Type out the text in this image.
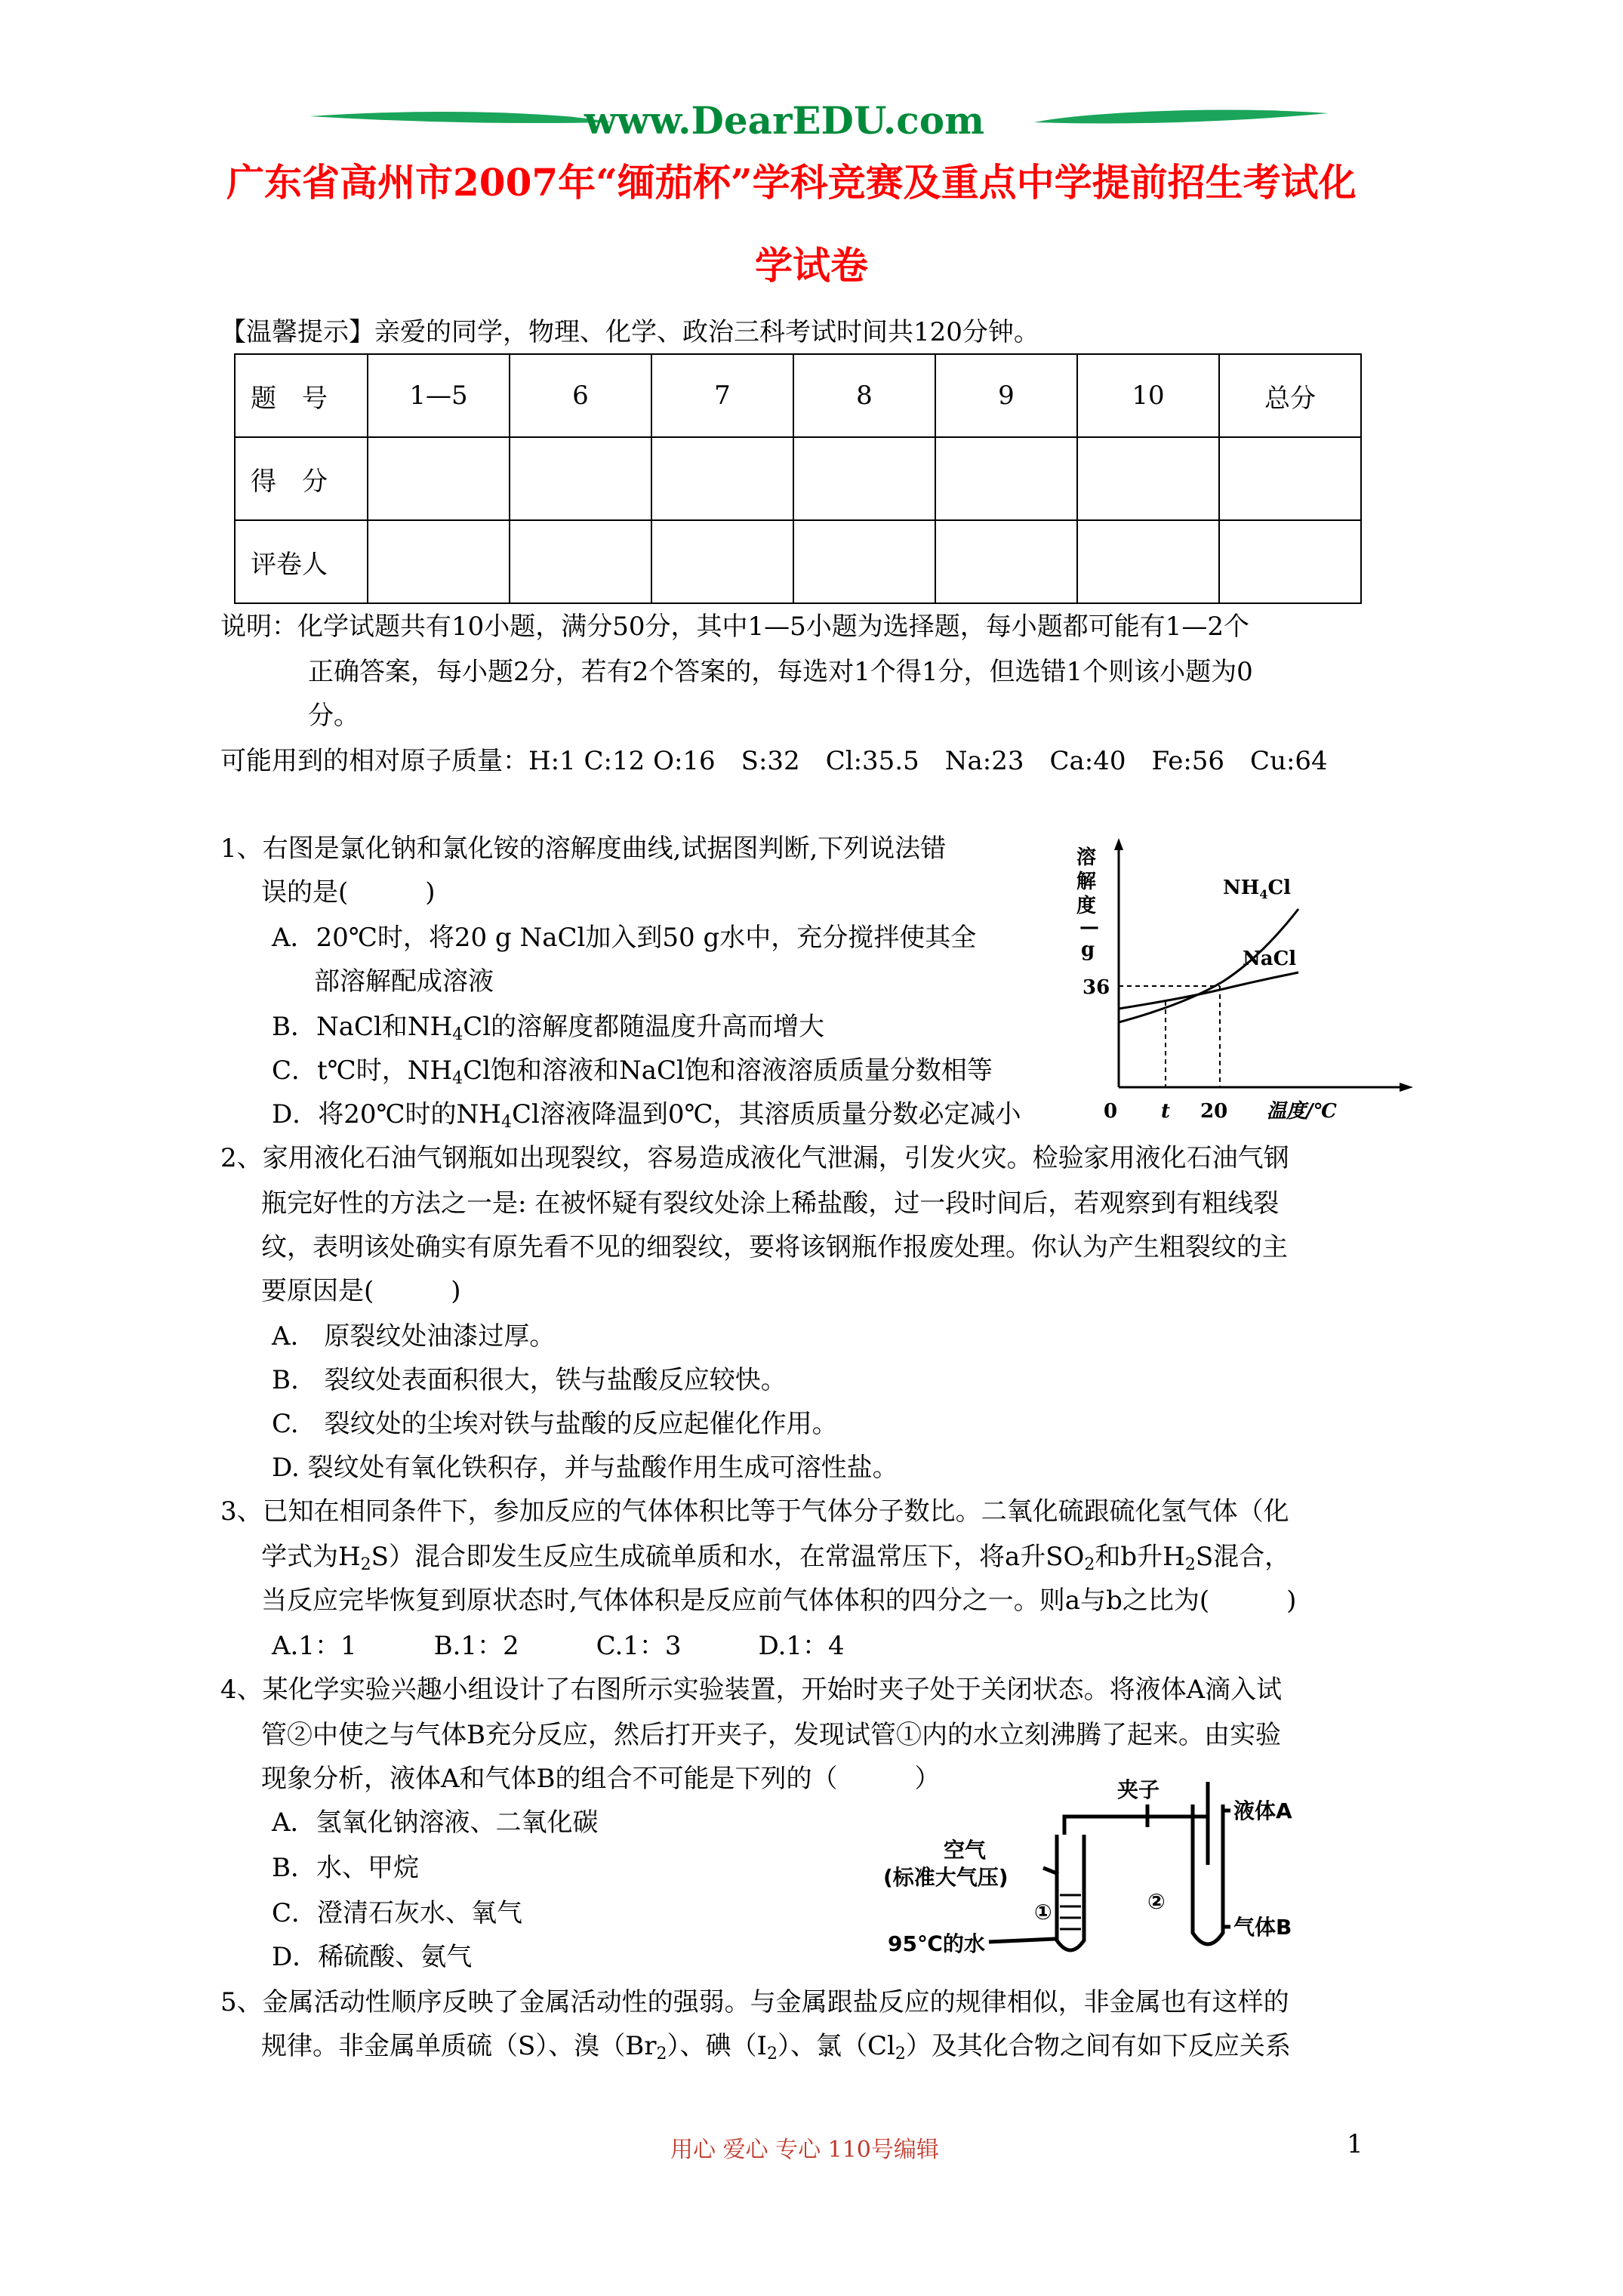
www.DearEDU.com
广东省高州市2007年“缅茄杯”学科竞赛及重点中学提前招生考试化
学试卷
【温馨提示】亲爱的同学，物理、化学、政治三科考试时间共120分钟。
题　号	1—5	6	7	8	9	10	总分
得　分							
评卷人							
说明：化学试题共有10小题，满分50分，其中1—5小题为选择题，每小题都可能有1—2个
正确答案，每小题2分，若有2个答案的，每选对1个得1分，但选错1个则该小题为0
分。
可能用到的相对原子质量：H:1 C:12 O:16　S:32　Cl:35.5　Na:23　Ca:40　Fe:56　Cu:64
1、右图是氯化钠和氯化铵的溶解度曲线,试据图判断,下列说法错
误的是(　　　)
A．20℃时，将20 g NaCl加入到50 g水中，充分搅拌使其全
部溶解配成溶液
B．NaCl和$NH_4Cl$的溶解度都随温度升高而增大
C．t℃时，$NH_4Cl$饱和溶液和NaCl饱和溶液溶质质量分数相等
D．将20℃时的$NH_4Cl$溶液降温到0℃，其溶质质量分数必定减小
溶
解
度
—
g
36
0 t 20 温度/℃
$NH_4Cl$
NaCl
2、家用液化石油气钢瓶如出现裂纹，容易造成液化气泄漏，引发火灾。检验家用液化石油气钢
瓶完好性的方法之一是: 在被怀疑有裂纹处涂上稀盐酸，过一段时间后，若观察到有粗线裂
纹，表明该处确实有原先看不见的细裂纹，要将该钢瓶作报废处理。你认为产生粗裂纹的主
要原因是(　　　)
A.　原裂纹处油漆过厚。
B.　裂纹处表面积很大，铁与盐酸反应较快。
C.　裂纹处的尘埃对铁与盐酸的反应起催化作用。
D. 裂纹处有氧化铁积存，并与盐酸作用生成可溶性盐。
3、已知在相同条件下，参加反应的气体体积比等于气体分子数比。二氧化硫跟硫化氢气体（化
学式为$H_2S$）混合即发生反应生成硫单质和水，在常温常压下，将a升$SO_2$和b升$H_2S$混合，
当反应完毕恢复到原状态时,气体体积是反应前气体体积的四分之一。则a与b之比为(　　　)
A.1：1　　　B.1：2　　　C.1：3　　　D.1：4
4、某化学实验兴趣小组设计了右图所示实验装置，开始时夹子处于关闭状态。将液体A滴入试
管②中使之与气体B充分反应，然后打开夹子，发现试管①内的水立刻沸腾了起来。由实验
现象分析，液体A和气体B的组合不可能是下列的（　　　）
A．氢氧化钠溶液、二氧化碳
B．水、甲烷
C．澄清石灰水、氧气
D．稀硫酸、氨气
夹子
液体A
空气
(标准大气压)
①	②
气体B
95℃的水
5、金属活动性顺序反映了金属活动性的强弱。与金属跟盐反应的规律相似，非金属也有这样的
规律。非金属单质硫（S）、溴$(Br_2)$、碘$(I_2)$、氯$(Cl_2)$及其化合物之间有如下反应关系
用心 爱心 专心 110号编辑	1
